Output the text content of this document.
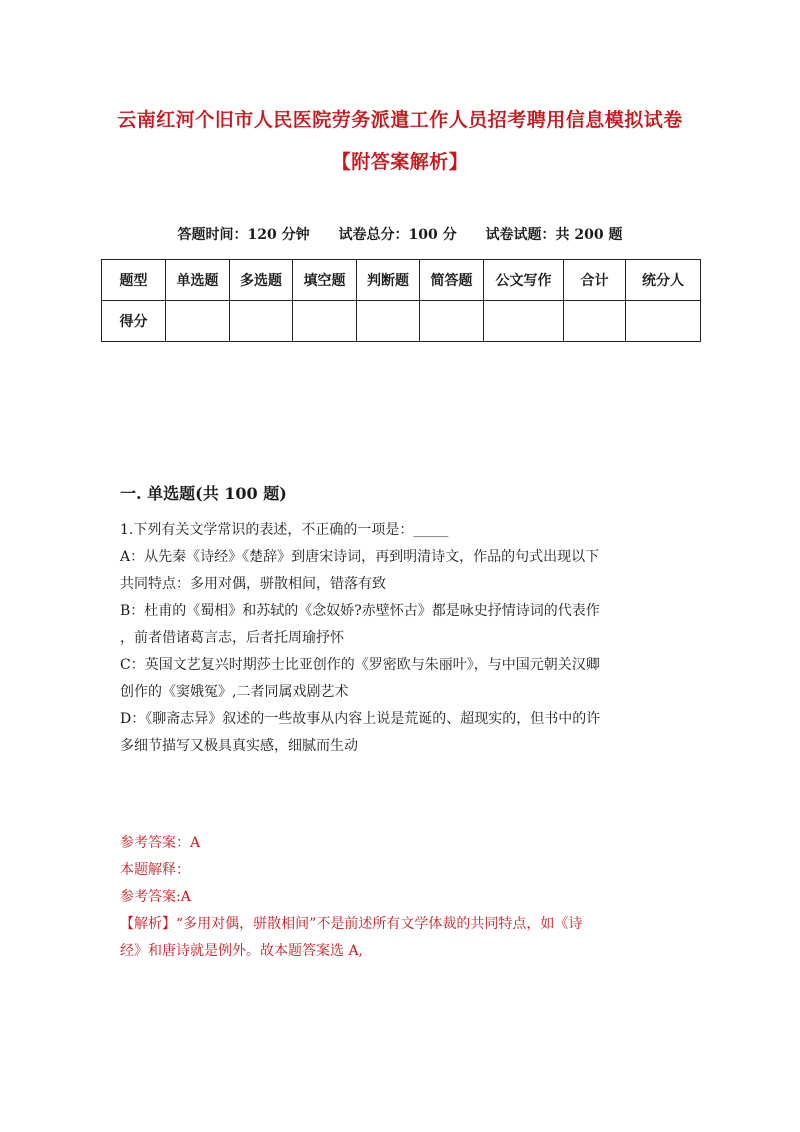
云南红河个旧市人民医院劳务派遣工作人员招考聘用信息模拟试卷
【附答案解析】
答题时间：120 分钟 试卷总分：100 分 试卷试题：共 200 题
题型	单选题	多选题	填空题	判断题	简答题	公文写作	合计	统分人
得分								
一. 单选题(共 100 题)

1.下列有关文学常识的表述，不正确的一项是：_____

A：从先秦《诗经》《楚辞》到唐宋诗词，再到明清诗文，作品的句式出现以下

共同特点：多用对偶，骈散相间，错落有致

B：杜甫的《蜀相》和苏轼的《念奴娇?赤壁怀古》都是咏史抒情诗词的代表作

，前者借诸葛言志，后者托周瑜抒怀

C：英国文艺复兴时期莎士比亚创作的《罗密欧与朱丽叶》，与中国元朝关汉卿

创作的《窦娥冤》,二者同属戏剧艺术

D：《聊斋志异》叙述的一些故事从内容上说是荒诞的、超现实的，但书中的许

多细节描写又极具真实感，细腻而生动

参考答案：A

本题解释：

参考答案:A

【解析】“多用对偶，骈散相间”不是前述所有文学体裁的共同特点，如《诗

经》和唐诗就是例外。故本题答案选 A,
